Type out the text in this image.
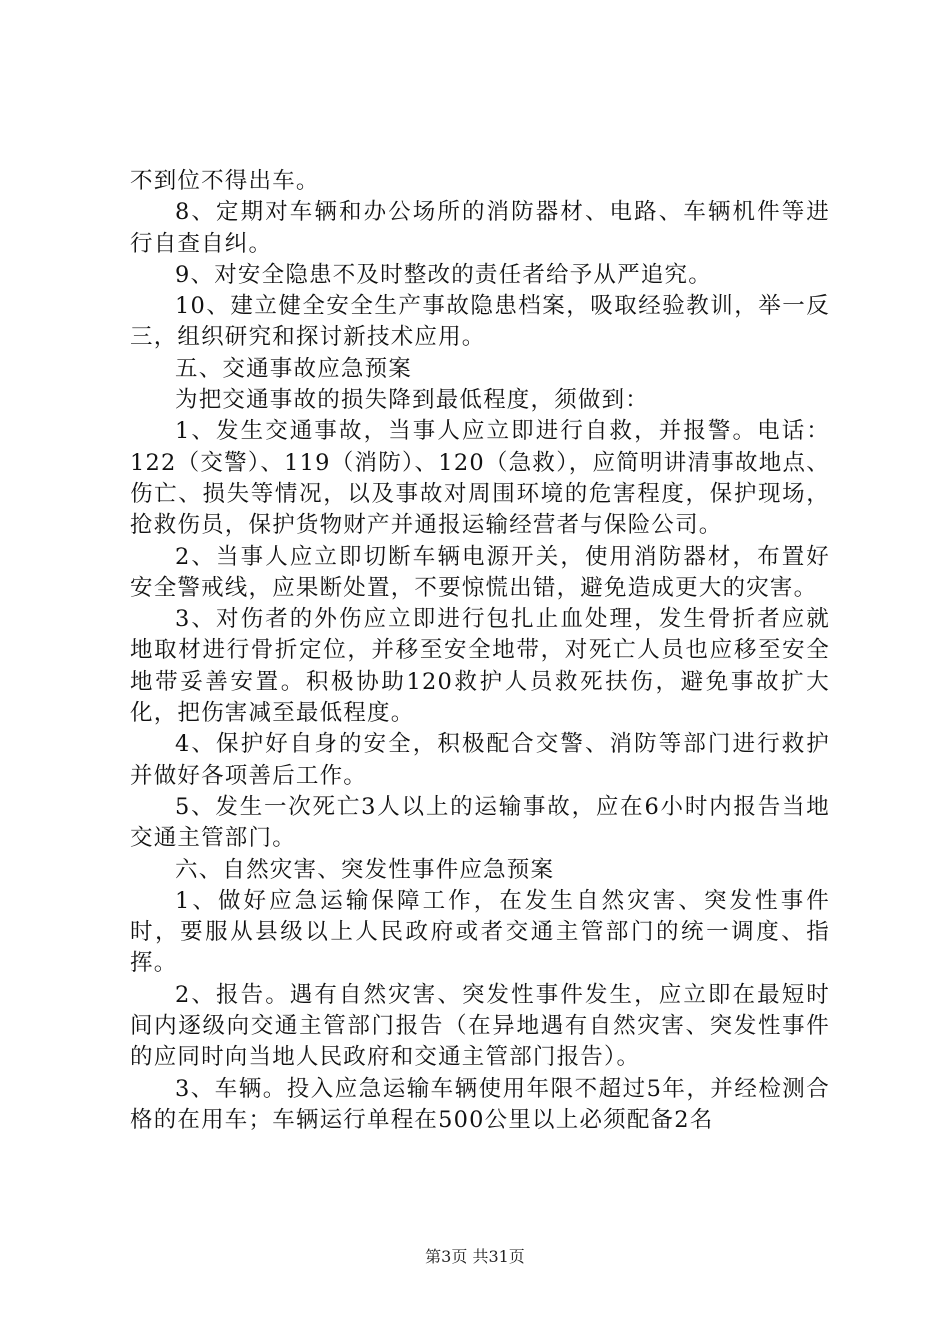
不到位不得出车。

8、定期对车辆和办公场所的消防器材、电路、车辆机件等进行自查自纠。

9、对安全隐患不及时整改的责任者给予从严追究。

10、建立健全安全生产事故隐患档案，吸取经验教训，举一反三，组织研究和探讨新技术应用。

五、交通事故应急预案

为把交通事故的损失降到最低程度，须做到：

1、发生交通事故，当事人应立即进行自救，并报警。电话：122（交警）、119（消防）、120（急救），应简明讲清事故地点、伤亡、损失等情况，以及事故对周围环境的危害程度，保护现场，抢救伤员，保护货物财产并通报运输经营者与保险公司。

2、当事人应立即切断车辆电源开关，使用消防器材，布置好安全警戒线，应果断处置，不要惊慌出错，避免造成更大的灾害。

3、对伤者的外伤应立即进行包扎止血处理，发生骨折者应就地取材进行骨折定位，并移至安全地带，对死亡人员也应移至安全地带妥善安置。积极协助120救护人员救死扶伤，避免事故扩大化，把伤害减至最低程度。

4、保护好自身的安全，积极配合交警、消防等部门进行救护并做好各项善后工作。

5、发生一次死亡3人以上的运输事故，应在6小时内报告当地交通主管部门。

六、自然灾害、突发性事件应急预案

1、做好应急运输保障工作，在发生自然灾害、突发性事件时，要服从县级以上人民政府或者交通主管部门的统一调度、指挥。

2、报告。遇有自然灾害、突发性事件发生，应立即在最短时间内逐级向交通主管部门报告（在异地遇有自然灾害、突发性事件的应同时向当地人民政府和交通主管部门报告）。

3、车辆。投入应急运输车辆使用年限不超过5年，并经检测合格的在用车；车辆运行单程在500公里以上必须配备2名

第3页 共31页
